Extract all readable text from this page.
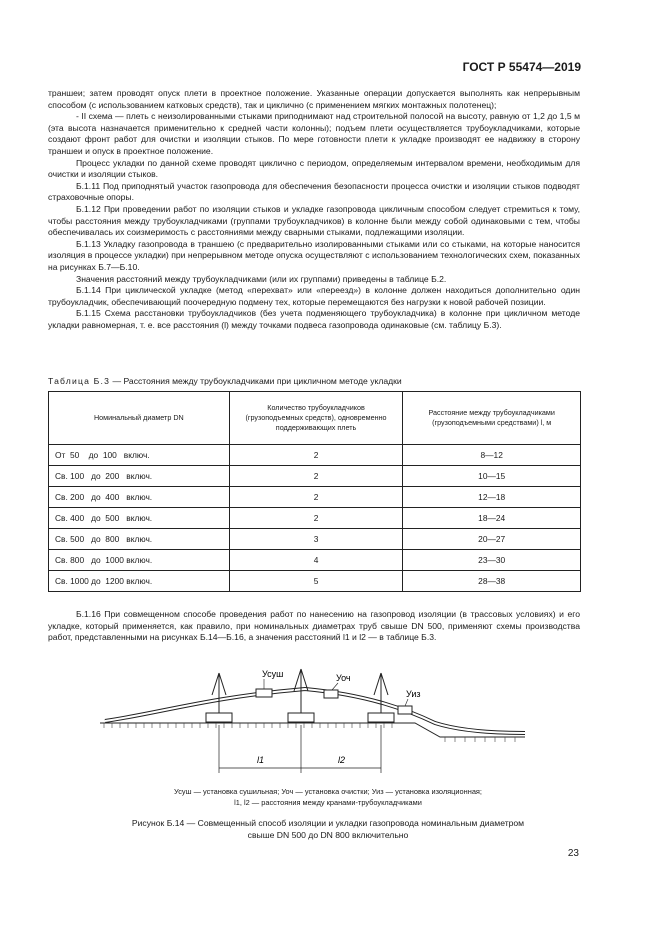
ГОСТ Р 55474—2019

траншеи; затем проводят опуск плети в проектное положение. Указанные операции допускается выполнять как непрерывным способом (с использованием катковых средств), так и циклично (с применением мягких монтажных полотенец);

- II схема — плеть с неизолированными стыками приподнимают над строительной полосой на высоту, равную от 1,2 до 1,5 м (эта высота назначается применительно к средней части колонны); подъем плети осуществляется трубоукладчиками, которые создают фронт работ для очистки и изоляции стыков. По мере готовности плети к укладке производят ее надвижку в сторону траншеи и опуск в проектное положение.

Процесс укладки по данной схеме проводят циклично с периодом, определяемым интервалом времени, необходимым для очистки и изоляции стыков.

Б.1.11 Под приподнятый участок газопровода для обеспечения безопасности процесса очистки и изоляции стыков подводят страховочные опоры.

Б.1.12 При проведении работ по изоляции стыков и укладке газопровода цикличным способом следует стремиться к тому, чтобы расстояния между трубоукладчиками (группами трубоукладчиков) в колонне были между собой одинаковыми с тем, чтобы обеспечивалась их соизмеримость с расстояниями между сварными стыками, подлежащими изоляции.

Б.1.13 Укладку газопровода в траншею (с предварительно изолированными стыками или со стыками, на которые наносится изоляция в процессе укладки) при непрерывном методе опуска осуществляют с использованием технологических схем, показанных на рисунках Б.7—Б.10.

Значения расстояний между трубоукладчиками (или их группами) приведены в таблице Б.2.

Б.1.14 При циклической укладке (метод «перехват» или «переезд») в колонне должен находиться дополнительно один трубоукладчик, обеспечивающий поочередную подмену тех, которые перемещаются без нагрузки к новой рабочей позиции.

Б.1.15 Схема расстановки трубоукладчиков (без учета подменяющего трубоукладчика) в колонне при цикличном методе укладки равномерная, т. е. все расстояния (l) между точками подвеса газопровода одинаковые (см. таблицу Б.3).

Таблица Б.3 — Расстояния между трубоукладчиками при цикличном методе укладки
Номинальный диаметр DN	Количество трубоукладчиков (грузоподъемных средств), одновременно поддерживающих плеть	Расстояние между трубоукладчиками (грузоподъемными средствами) l, м
От  50    до  100   включ.	2	8—12
Св. 100   до  200   включ.	2	10—15
Св. 200   до  400   включ.	2	12—18
Св. 400   до  500   включ.	2	18—24
Св. 500   до  800   включ.	3	20—27
Св. 800   до  1000 включ.	4	23—30
Св. 1000 до  1200 включ.	5	28—38

Б.1.16 При совмещенном способе проведения работ по нанесению на газопровод изоляции (в трассовых условиях) и его укладке, который применяется, как правило, при номинальных диаметрах труб свыше DN 500, применяют схемы производства работ, представленными на рисунках Б.14—Б.16, а значения расстояний l1 и l2 — в таблице Б.3.

Усуш	Уоч
Уиз
l1	l2
Усуш — установка сушильная; Уоч — установка очистки; Уиз — установка изоляционная;
l1, l2 — расстояния между кранами-трубоукладчиками
Рисунок Б.14 — Совмещенный способ изоляции и укладки газопровода номинальным диаметром
свыше DN 500 до DN 800 включительно
23
